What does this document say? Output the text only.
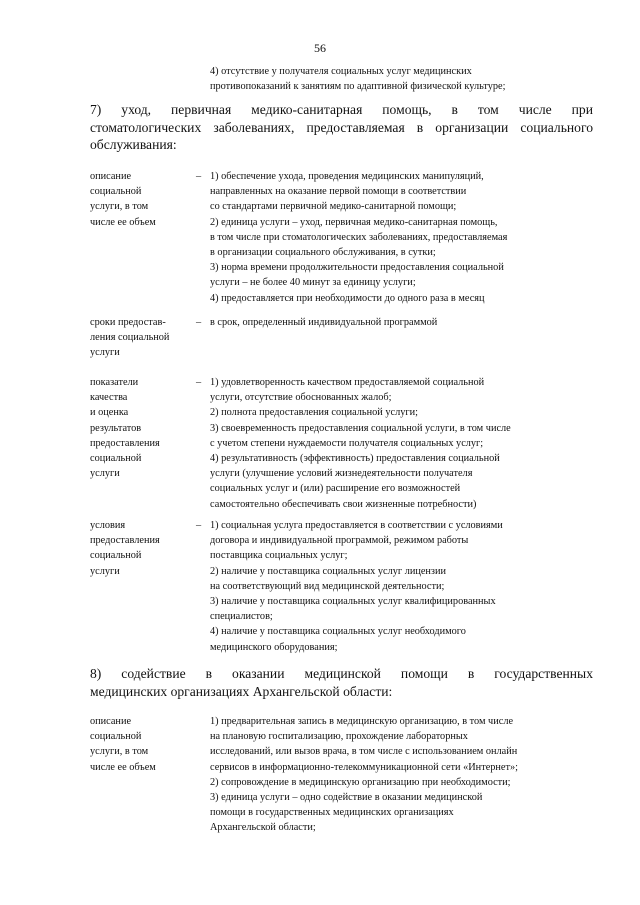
56
4) отсутствие у получателя социальных услуг медицинских
противопоказаний к занятиям по адаптивной физической культуре;
7) уход, первичная медико-санитарная помощь, в том числе при
стоматологических заболеваниях, предоставляемая в организации социального
обслуживания:
описание
социальной
услуги, в том
числе ее объем
– 1) обеспечение ухода, проведения медицинских манипуляций,
направленных на оказание первой помощи в соответствии
со стандартами первичной медико-санитарной помощи;
2) единица услуги – уход, первичная медико-санитарная помощь,
в том числе при стоматологических заболеваниях, предоставляемая
в организации социального обслуживания, в сутки;
3) норма времени продолжительности предоставления социальной
услуги – не более 40 минут за единицу услуги;
4) предоставляется при необходимости до одного раза в месяц
сроки предостав-
ления социальной
услуги
– в срок, определенный индивидуальной программой
показатели
качества
и оценка
результатов
предоставления
социальной
услуги
– 1) удовлетворенность качеством предоставляемой социальной
услуги, отсутствие обоснованных жалоб;
2) полнота предоставления социальной услуги;
3) своевременность предоставления социальной услуги, в том числе
с учетом степени нуждаемости получателя социальных услуг;
4) результативность (эффективность) предоставления социальной
услуги (улучшение условий жизнедеятельности получателя
социальных услуг и (или) расширение его возможностей
самостоятельно обеспечивать свои жизненные потребности)
условия
предоставления
социальной
услуги
– 1) социальная услуга предоставляется в соответствии с условиями
договора и индивидуальной программой, режимом работы
поставщика социальных услуг;
2) наличие у поставщика социальных услуг лицензии
на соответствующий вид медицинской деятельности;
3) наличие у поставщика социальных услуг квалифицированных
специалистов;
4) наличие у поставщика социальных услуг необходимого
медицинского оборудования;
8) содействие в оказании медицинской помощи в государственных
медицинских организациях Архангельской области:
описание
социальной
услуги, в том
числе ее объем
1) предварительная запись в медицинскую организацию, в том числе
на плановую госпитализацию, прохождение лабораторных
исследований, или вызов врача, в том числе с использованием онлайн
сервисов в информационно-телекоммуникационной сети «Интернет»;
2) сопровождение в медицинскую организацию при необходимости;
3) единица услуги – одно содействие в оказании медицинской
помощи в государственных медицинских организациях
Архангельской области;
